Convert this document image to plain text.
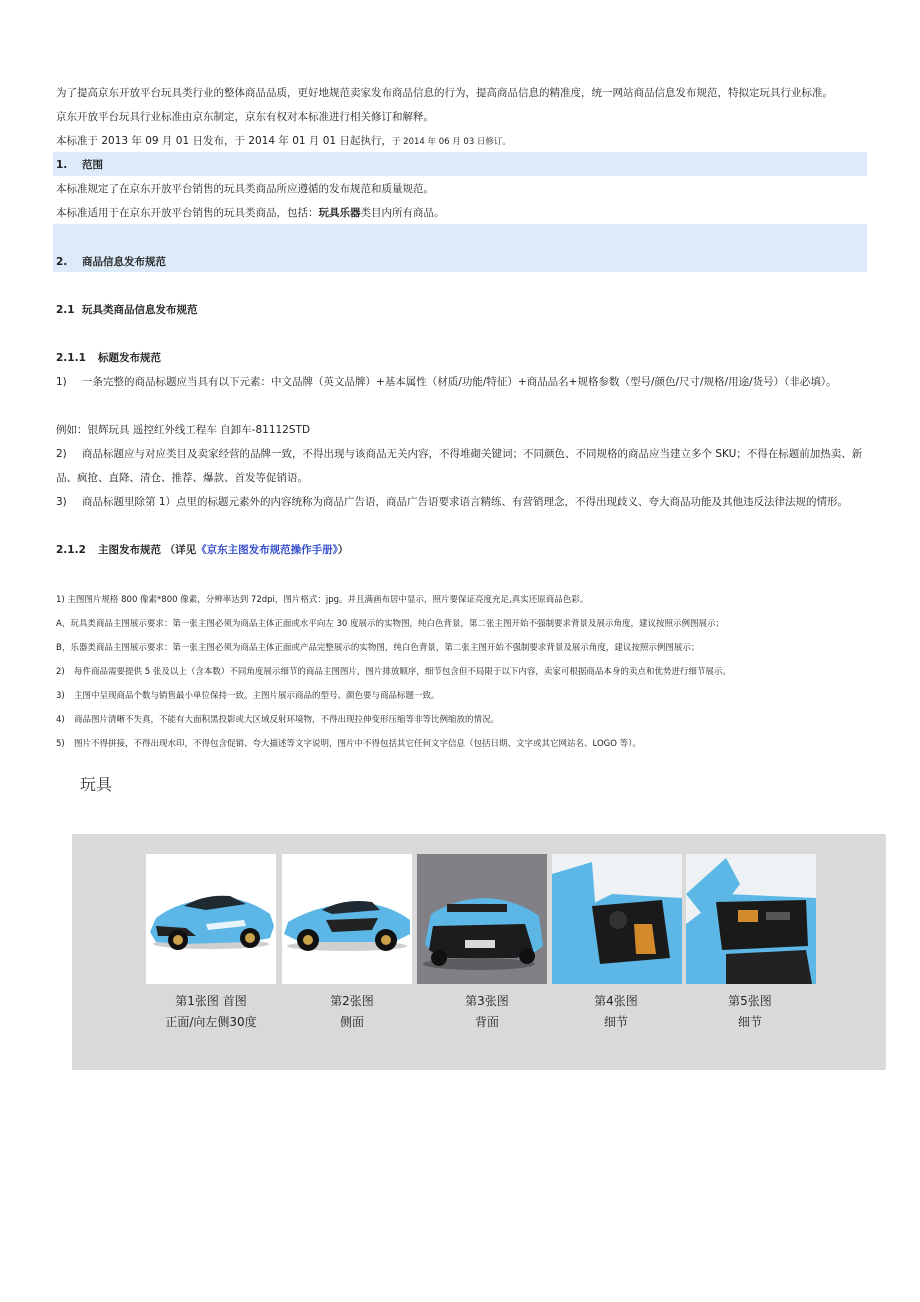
为了提高京东开放平台玩具类行业的整体商品品质，更好地规范卖家发布商品信息的行为，提高商品信息的精准度，统一网站商品信息发布规范，特拟定玩具行业标准。
京东开放平台玩具行业标准由京东制定，京东有权对本标准进行相关修订和解释。
本标准于 2013 年 09 月 01 日发布，于 2014 年 01 月 01 日起执行，于 2014 年 06 月 03 日修订。
1. 范围
本标准规定了在京东开放平台销售的玩具类商品所应遵循的发布规范和质量规范。
本标准适用于在京东开放平台销售的玩具类商品，包括：玩具乐器类目内所有商品。
2. 商品信息发布规范
2.1 玩具类商品信息发布规范
2.1.1 标题发布规范
1) 一条完整的商品标题应当具有以下元素：中文品牌（英文品牌）+基本属性（材质/功能/特征）+商品品名+规格参数（型号/颜色/尺寸/规格/用途/货号）（非必填）。
例如：银辉玩具 遥控红外线工程车 自卸车-81112STD
2) 商品标题应与对应类目及卖家经营的品牌一致，不得出现与该商品无关内容，不得堆砌关键词；不同颜色、不同规格的商品应当建立多个 SKU；不得在标题前加热卖、新品、疯抢、直降、清仓、推荐、爆款、首发等促销语。
3) 商品标题里除第 1）点里的标题元素外的内容统称为商品广告语，商品广告语要求语言精练、有营销理念，不得出现歧义、夸大商品功能及其他违反法律法规的情形。
2.1.2 主图发布规范 （详见《京东主图发布规范操作手册》）
1) 主图图片规格 800 像素*800 像素，分辨率达到 72dpi，图片格式：jpg。并且满画布居中显示，照片要保证亮度充足,真实还原商品色彩。
A，玩具类商品主图展示要求：第一张主图必须为商品主体正面或水平向左 30 度展示的实物图，纯白色背景，第二张主图开始不强制要求背景及展示角度，建议按照示例图展示；
B，乐器类商品主图展示要求：第一张主图必须为商品主体正面或产品完整展示的实物图，纯白色背景，第二张主图开始不强制要求背景及展示角度，建议按照示例图展示；
2) 每件商品需要提供 5 张及以上（含本数）不同角度展示细节的商品主图图片，图片排放顺序，细节包含但不局限于以下内容，卖家可根据商品本身的卖点和优势进行细节展示。
3) 主图中呈现商品个数与销售最小单位保持一致。主图片展示商品的型号、颜色要与商品标题一致。
4) 商品图片清晰不失真，不能有大面积黑投影或大区域反射环境物，不得出现拉伸变形压缩等非等比例缩放的情况。
5) 图片不得拼接，不得出现水印，不得包含促销、夸大描述等文字说明，图片中不得包括其它任何文字信息（包括日期、文字或其它网站名、LOGO 等）。
玩具
第1张图 首图
正面/向左侧30度
第2张图
侧面
第3张图
背面
第4张图
细节
第5张图
细节
